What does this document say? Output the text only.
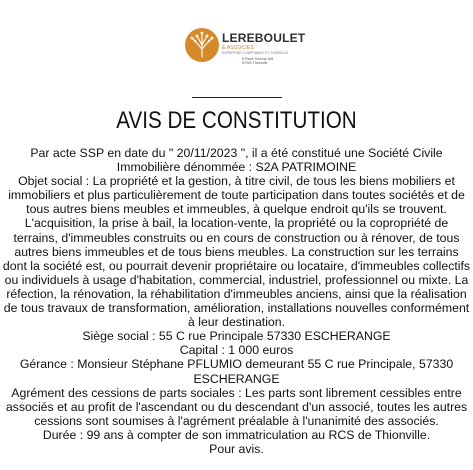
LEREBOULET
& ASSOCIES
EXPERTISE COMPTABLE ET CONSEILS
5 Place Simone Veil
57000 Thionville
AVIS DE CONSTITUTION

Par acte SSP en date du " 20/11/2023 ", il a été constitué une Société Civile Immobilière dénommée : S2A PATRIMOINE

Objet social : La propriété et la gestion, à titre civil, de tous les biens mobiliers et immobiliers et plus particulièrement de toute participation dans toutes sociétés et de tous autres biens meubles et immeubles, à quelque endroit qu'ils se trouvent.

L'acquisition, la prise à bail, la location-vente, la propriété ou la copropriété de terrains, d'immeubles construits ou en cours de construction ou à rénover, de tous autres biens immeubles et de tous biens meubles. La construction sur les terrains dont la société est, ou pourrait devenir propriétaire ou locataire, d'immeubles collectifs ou individuels à usage d'habitation, commercial, industriel, professionnel ou mixte. La réfection, la rénovation, la réhabilitation d'immeubles anciens, ainsi que la réalisation de tous travaux de transformation, amélioration, installations nouvelles conformément à leur destination.

Siège social : 55 C rue Principale 57330 ESCHERANGE

Capital : 1 000 euros

Gérance : Monsieur Stéphane PFLUMIO demeurant 55 C rue Principale, 57330 ESCHERANGE

Agrément des cessions de parts sociales : Les parts sont librement cessibles entre associés et au profit de l'ascendant ou du descendant d'un associé, toutes les autres cessions sont soumises à l'agrément préalable à l'unanimité des associés.

Durée : 99 ans à compter de son immatriculation au RCS de Thionville.

Pour avis.
